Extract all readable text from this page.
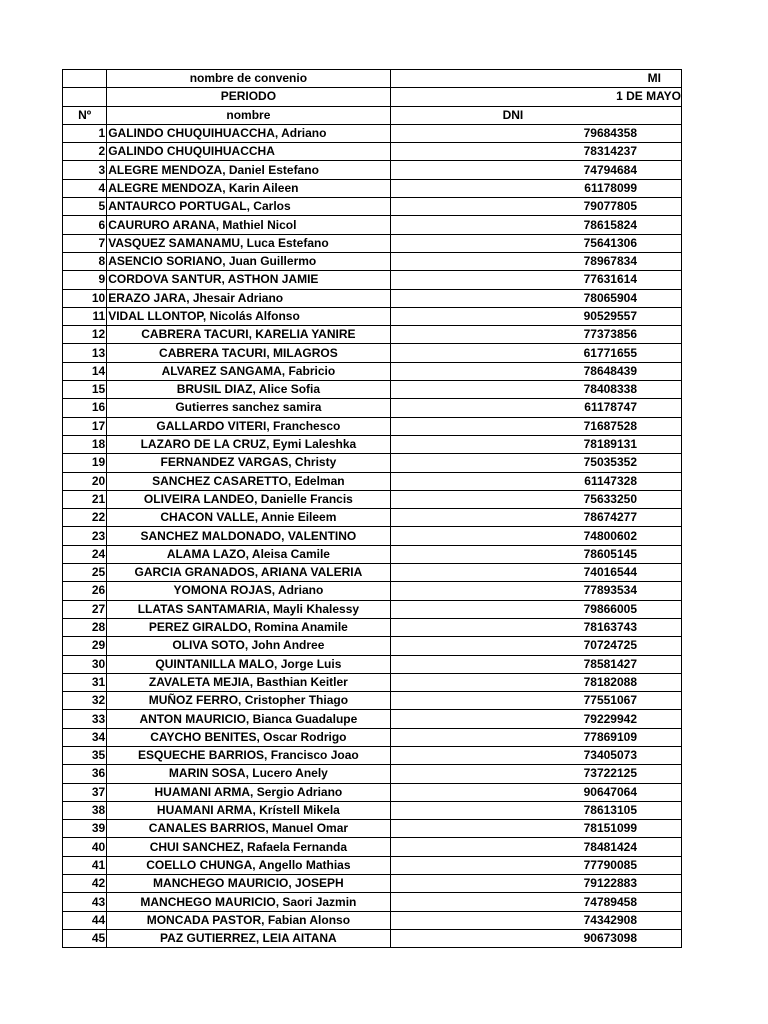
	nombre de convenio	MI
	PERIODO	1 DE MAYO
Nº	nombre	DNI
1	GALINDO CHUQUIHUACCHA, Adriano	79684358
2	GALINDO CHUQUIHUACCHA	78314237
3	ALEGRE MENDOZA, Daniel Estefano	74794684
4	ALEGRE MENDOZA, Karin Aileen	61178099
5	ANTAURCO PORTUGAL, Carlos	79077805
6	CAURURO ARANA, Mathiel Nicol	78615824
7	VASQUEZ SAMANAMU, Luca Estefano	75641306
8	ASENCIO SORIANO, Juan Guillermo	78967834
9	CORDOVA SANTUR, ASTHON JAMIE	77631614
10	ERAZO JARA, Jhesair Adriano	78065904
11	VIDAL LLONTOP, Nicolás Alfonso	90529557
12	CABRERA TACURI, KARELIA YANIRE	77373856
13	CABRERA TACURI, MILAGROS	61771655
14	ALVAREZ SANGAMA, Fabricio	78648439
15	BRUSIL DIAZ, Alice Sofia	78408338
16	Gutierres sanchez samira	61178747
17	GALLARDO VITERI, Franchesco	71687528
18	LAZARO DE LA CRUZ, Eymi Laleshka	78189131
19	FERNANDEZ VARGAS, Christy	75035352
20	SANCHEZ CASARETTO, Edelman	61147328
21	OLIVEIRA LANDEO, Danielle Francis	75633250
22	CHACON VALLE, Annie Eileem	78674277
23	SANCHEZ MALDONADO, VALENTINO	74800602
24	ALAMA LAZO, Aleisa Camile	78605145
25	GARCIA GRANADOS, ARIANA VALERIA	74016544
26	YOMONA ROJAS, Adriano	77893534
27	LLATAS SANTAMARIA, Mayli Khalessy	79866005
28	PEREZ GIRALDO, Romina Anamile	78163743
29	OLIVA SOTO, John Andree	70724725
30	QUINTANILLA MALO, Jorge Luis	78581427
31	ZAVALETA MEJIA, Basthian Keitler	78182088
32	MUÑOZ FERRO, Cristopher Thiago	77551067
33	ANTON MAURICIO, Bianca Guadalupe	79229942
34	CAYCHO BENITES, Oscar Rodrigo	77869109
35	ESQUECHE BARRIOS, Francisco Joao	73405073
36	MARIN SOSA, Lucero Anely	73722125
37	HUAMANI ARMA, Sergio Adriano	90647064
38	HUAMANI ARMA, Krístell Mikela	78613105
39	CANALES BARRIOS, Manuel Omar	78151099
40	CHUI SANCHEZ, Rafaela Fernanda	78481424
41	COELLO CHUNGA, Angello Mathias	77790085
42	MANCHEGO MAURICIO, JOSEPH	79122883
43	MANCHEGO MAURICIO, Saori Jazmin	74789458
44	MONCADA PASTOR, Fabian Alonso	74342908
45	PAZ GUTIERREZ, LEIA AITANA	90673098
